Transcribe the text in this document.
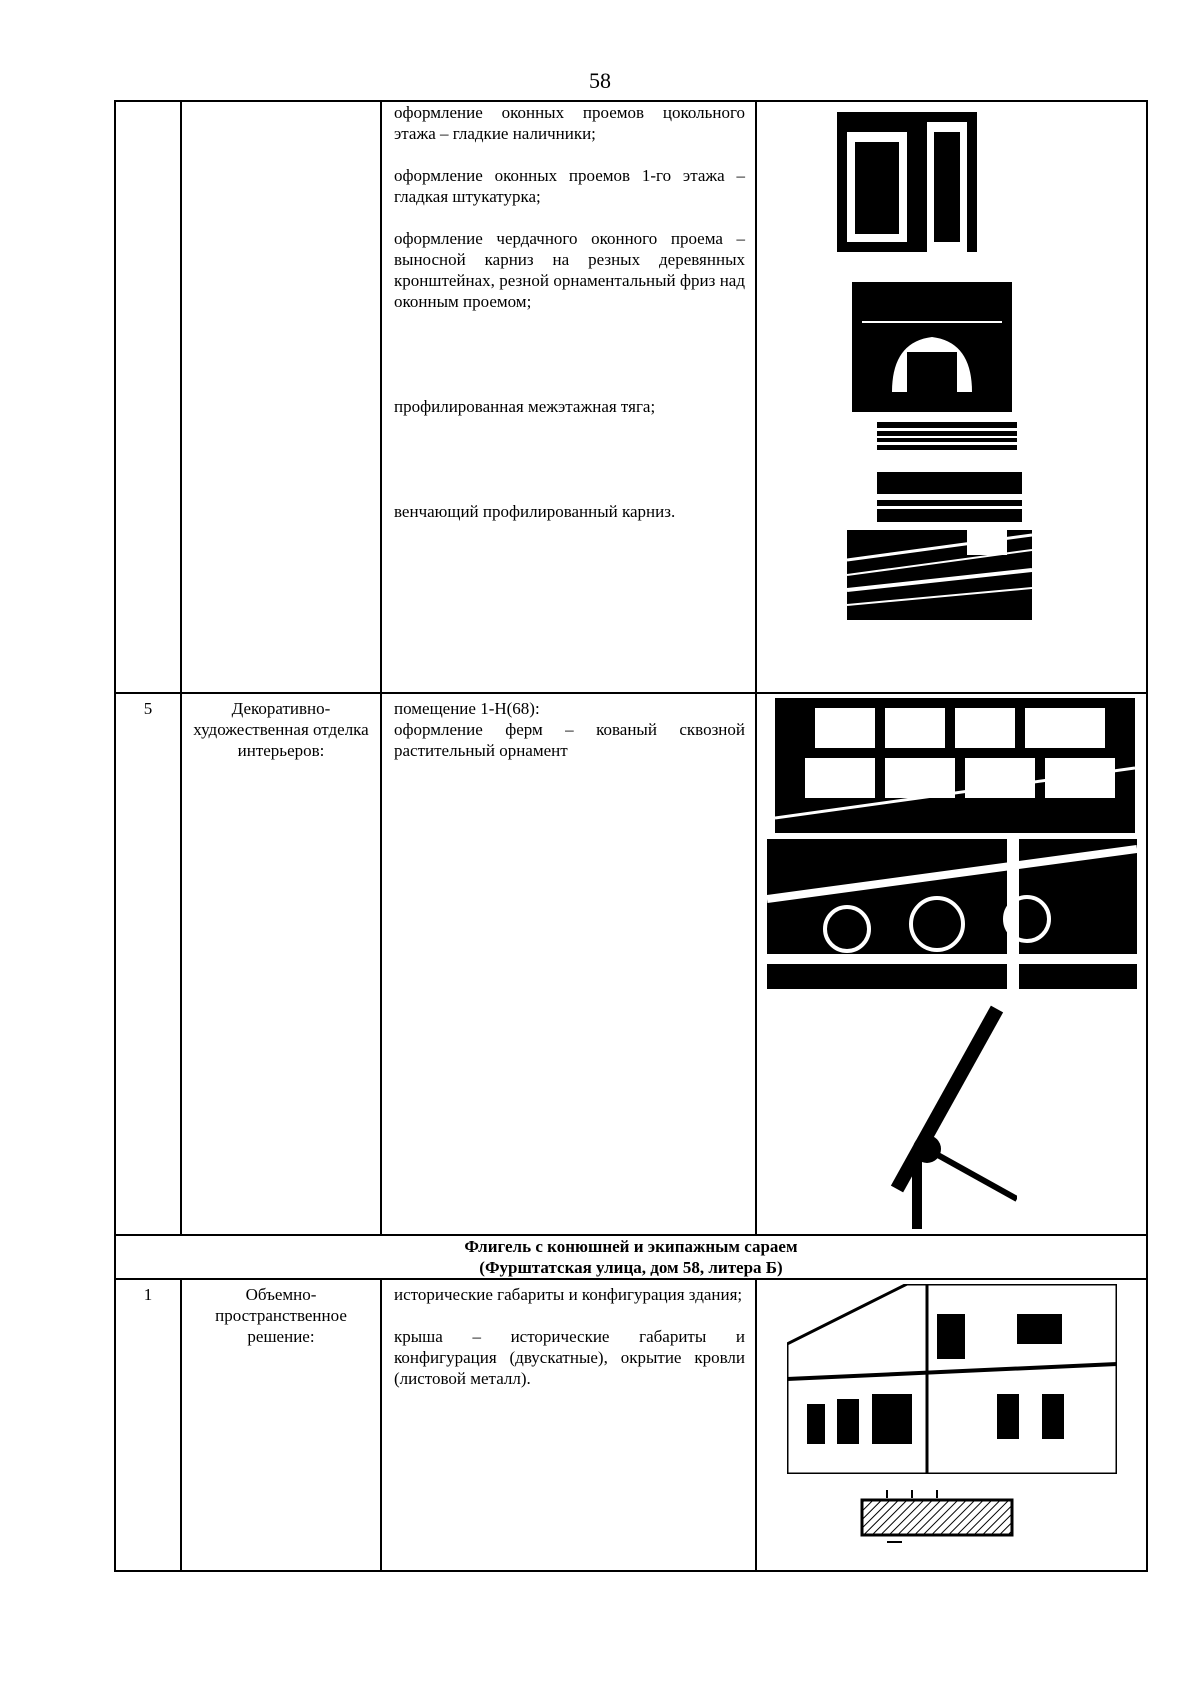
58

		оформление оконных проемов цокольного этажа – гладкие наличники;

оформление оконных проемов 1-го этажа – гладкая штукатурка;

оформление чердачного оконного проема – выносной карниз на резных деревянных кронштейнах, резной орнаментальный фриз над оконным проемом;

профилированная межэтажная тяга;

венчающий профилированный карниз.

5	Декоративно-художественная отделка интерьеров:	помещение 1-Н(68):

оформление ферм – кованый сквозной растительный орнамент

Флигель с конюшней и экипажным сараем
(Фурштатская улица, дом 58, литера Б)			

1	Объемно-пространственное решение:	исторические габариты и конфигурация здания;

крыша – исторические габариты и конфигурация (двускатные), окрытие кровли (листовой металл).
